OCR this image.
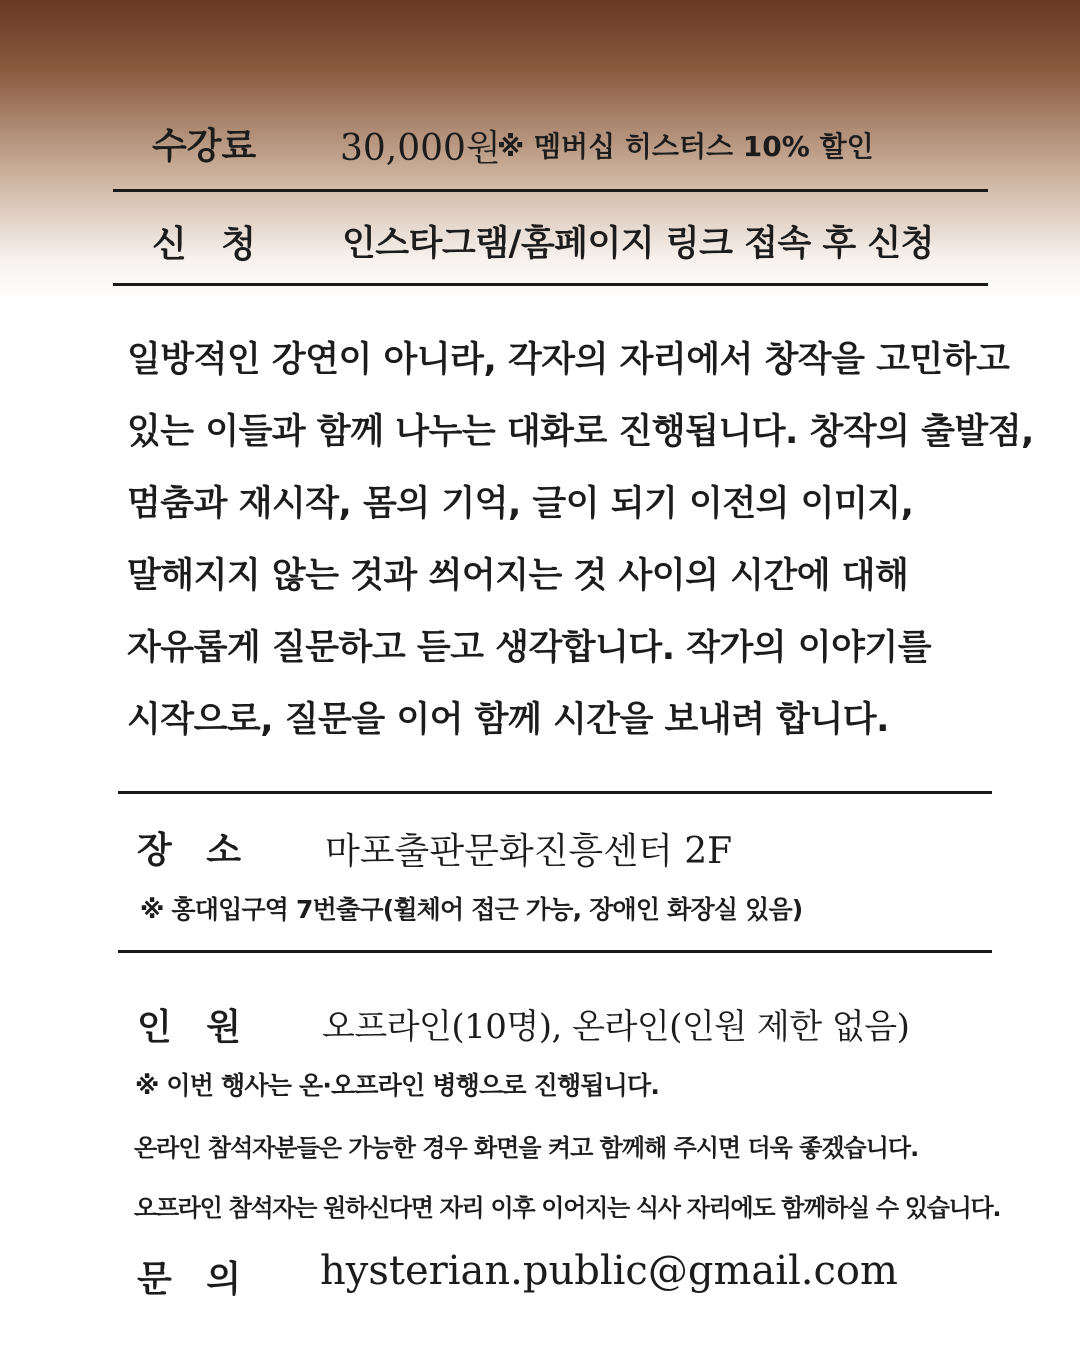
수강료 30,000원
※ 멤버십 히스터스 10% 할인
신 청 인스타그램/홈페이지 링크 접속 후 신청
일방적인 강연이 아니라, 각자의 자리에서 창작을 고민하고
있는 이들과 함께 나누는 대화로 진행됩니다. 창작의 출발점,
멈춤과 재시작, 몸의 기억, 글이 되기 이전의 이미지,
말해지지 않는 것과 씌어지는 것 사이의 시간에 대해
자유롭게 질문하고 듣고 생각합니다. 작가의 이야기를
시작으로, 질문을 이어 함께 시간을 보내려 합니다.
장 소 마포출판문화진흥센터 2F
※ 홍대입구역 7번출구(휠체어 접근 가능, 장애인 화장실 있음)
인 원 오프라인(10명), 온라인(인원 제한 없음)
※ 이번 행사는 온·오프라인 병행으로 진행됩니다.
온라인 참석자분들은 가능한 경우 화면을 켜고 함께해 주시면 더욱 좋겠습니다.
오프라인 참석자는 원하신다면 자리 이후 이어지는 식사 자리에도 함께하실 수 있습니다.
문 의 hysterian.public@gmail.com
